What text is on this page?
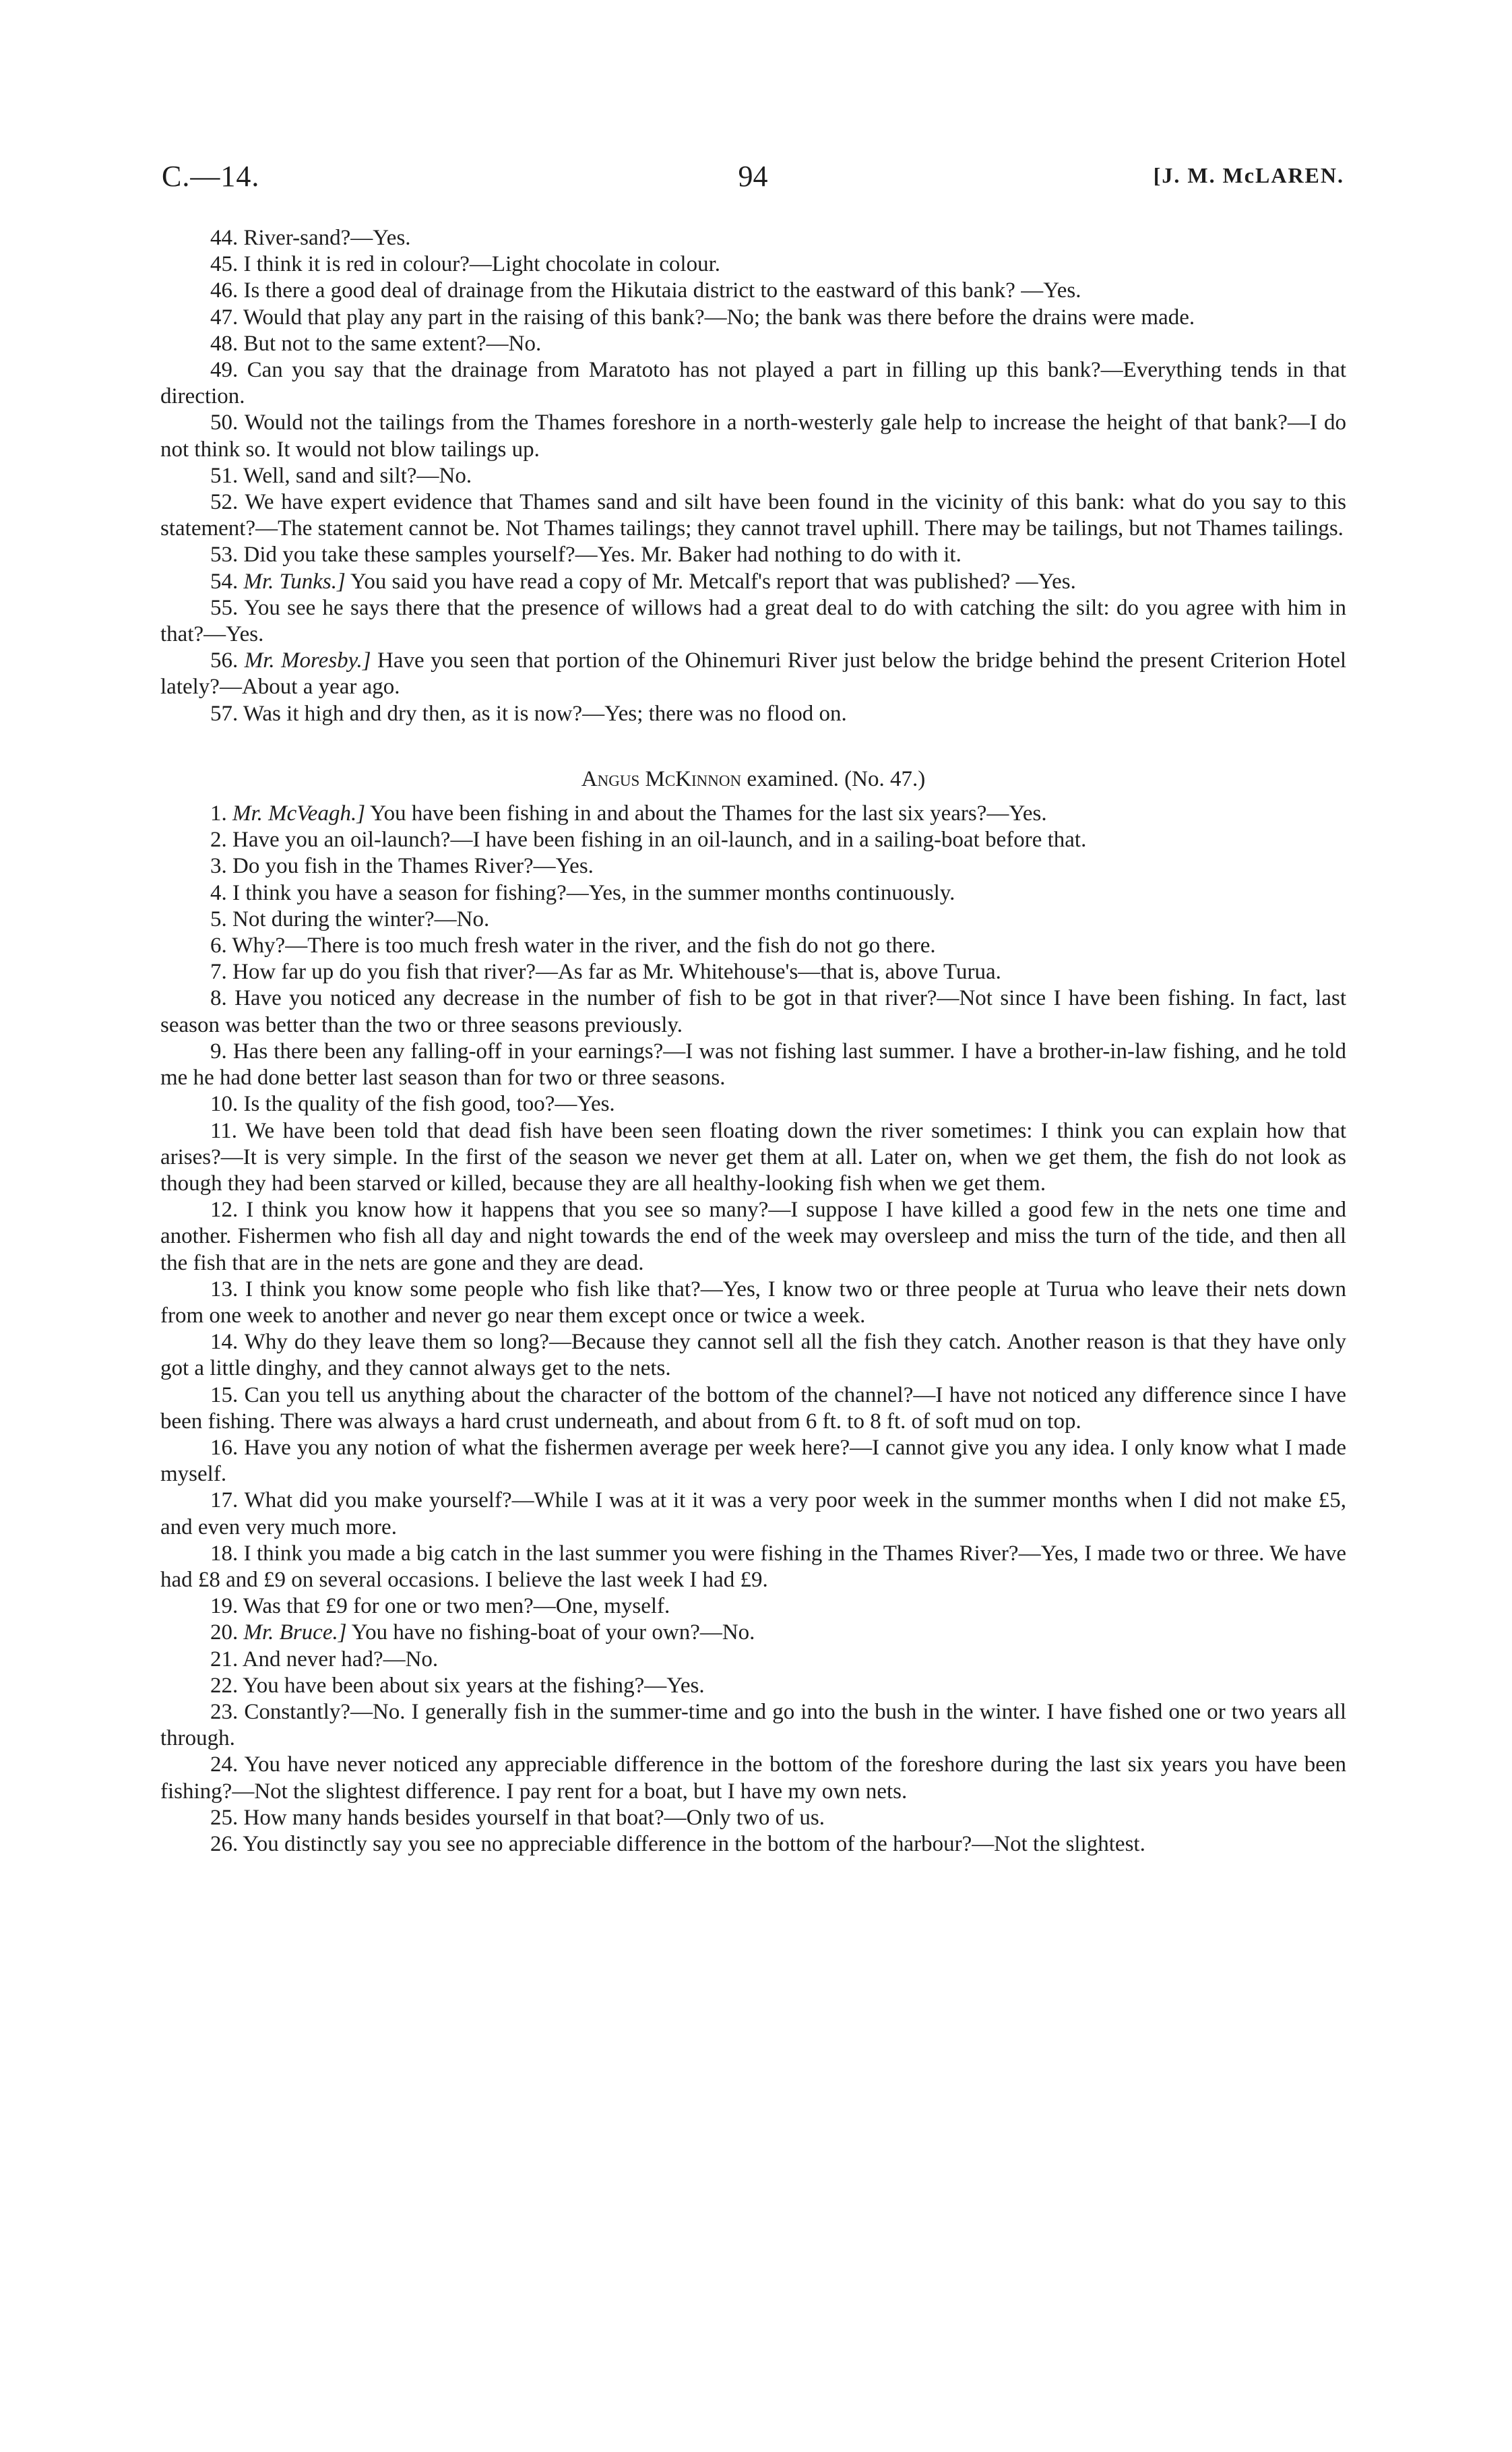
C.—14.	94	[J. M. McLAREN.

44. River-sand?—Yes.

45. I think it is red in colour?—Light chocolate in colour.

46. Is there a good deal of drainage from the Hikutaia district to the eastward of this bank? —Yes.

47. Would that play any part in the raising of this bank?—No; the bank was there before the drains were made.

48. But not to the same extent?—No.

49. Can you say that the drainage from Maratoto has not played a part in filling up this bank?—Everything tends in that direction.

50. Would not the tailings from the Thames foreshore in a north-westerly gale help to increase the height of that bank?—I do not think so. It would not blow tailings up.

51. Well, sand and silt?—No.

52. We have expert evidence that Thames sand and silt have been found in the vicinity of this bank: what do you say to this statement?—The statement cannot be. Not Thames tailings; they cannot travel uphill. There may be tailings, but not Thames tailings.

53. Did you take these samples yourself?—Yes. Mr. Baker had nothing to do with it.

54. Mr. Tunks.] You said you have read a copy of Mr. Metcalf's report that was published? —Yes.

55. You see he says there that the presence of willows had a great deal to do with catching the silt: do you agree with him in that?—Yes.

56. Mr. Moresby.] Have you seen that portion of the Ohinemuri River just below the bridge behind the present Criterion Hotel lately?—About a year ago.

57. Was it high and dry then, as it is now?—Yes; there was no flood on.

Angus McKinnon examined. (No. 47.)

1. Mr. McVeagh.] You have been fishing in and about the Thames for the last six years?—Yes.

2. Have you an oil-launch?—I have been fishing in an oil-launch, and in a sailing-boat before that.

3. Do you fish in the Thames River?—Yes.

4. I think you have a season for fishing?—Yes, in the summer months continuously.

5. Not during the winter?—No.

6. Why?—There is too much fresh water in the river, and the fish do not go there.

7. How far up do you fish that river?—As far as Mr. Whitehouse's—that is, above Turua.

8. Have you noticed any decrease in the number of fish to be got in that river?—Not since I have been fishing. In fact, last season was better than the two or three seasons previously.

9. Has there been any falling-off in your earnings?—I was not fishing last summer. I have a brother-in-law fishing, and he told me he had done better last season than for two or three seasons.

10. Is the quality of the fish good, too?—Yes.

11. We have been told that dead fish have been seen floating down the river sometimes: I think you can explain how that arises?—It is very simple. In the first of the season we never get them at all. Later on, when we get them, the fish do not look as though they had been starved or killed, because they are all healthy-looking fish when we get them.

12. I think you know how it happens that you see so many?—I suppose I have killed a good few in the nets one time and another. Fishermen who fish all day and night towards the end of the week may oversleep and miss the turn of the tide, and then all the fish that are in the nets are gone and they are dead.

13. I think you know some people who fish like that?—Yes, I know two or three people at Turua who leave their nets down from one week to another and never go near them except once or twice a week.

14. Why do they leave them so long?—Because they cannot sell all the fish they catch. Another reason is that they have only got a little dinghy, and they cannot always get to the nets.

15. Can you tell us anything about the character of the bottom of the channel?—I have not noticed any difference since I have been fishing. There was always a hard crust underneath, and about from 6 ft. to 8 ft. of soft mud on top.

16. Have you any notion of what the fishermen average per week here?—I cannot give you any idea. I only know what I made myself.

17. What did you make yourself?—While I was at it it was a very poor week in the summer months when I did not make £5, and even very much more.

18. I think you made a big catch in the last summer you were fishing in the Thames River?—Yes, I made two or three. We have had £8 and £9 on several occasions. I believe the last week I had £9.

19. Was that £9 for one or two men?—One, myself.

20. Mr. Bruce.] You have no fishing-boat of your own?—No.

21. And never had?—No.

22. You have been about six years at the fishing?—Yes.

23. Constantly?—No. I generally fish in the summer-time and go into the bush in the winter. I have fished one or two years all through.

24. You have never noticed any appreciable difference in the bottom of the foreshore during the last six years you have been fishing?—Not the slightest difference. I pay rent for a boat, but I have my own nets.

25. How many hands besides yourself in that boat?—Only two of us.

26. You distinctly say you see no appreciable difference in the bottom of the harbour?—Not the slightest.
